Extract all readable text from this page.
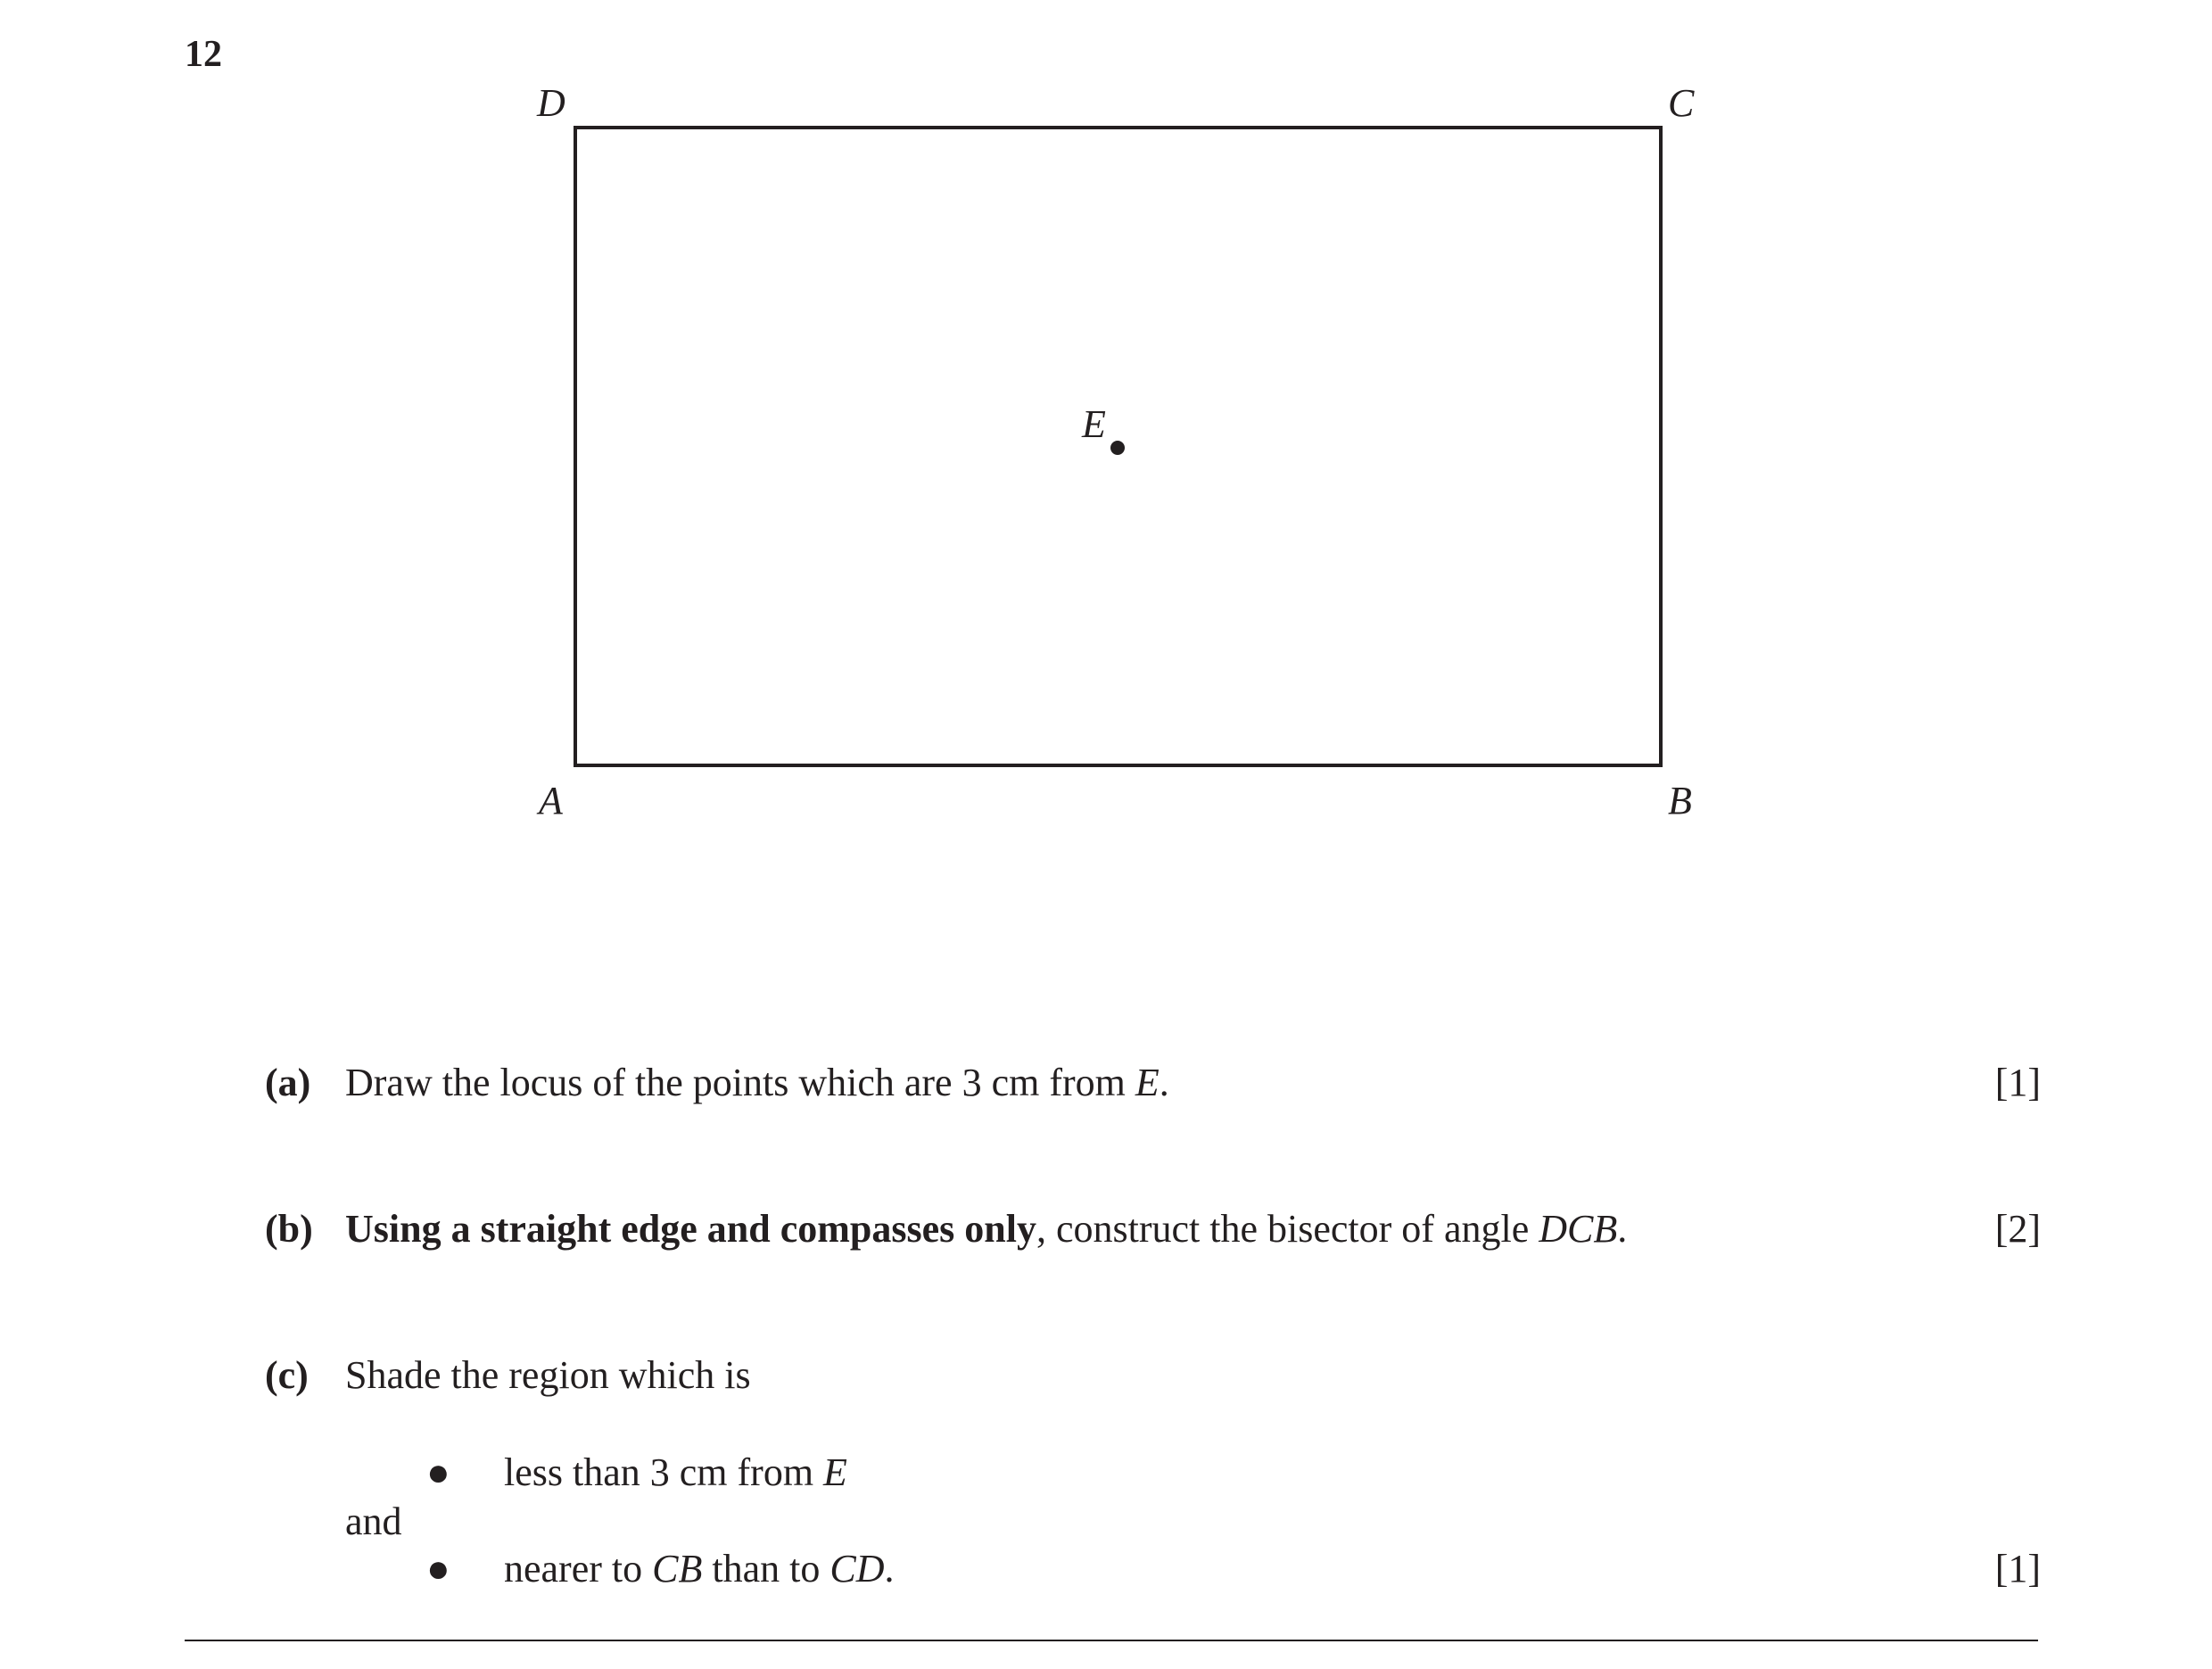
12
D	C
A	B
E
(a) Draw the locus of the points which are 3 cm from E.	[1]
(b) Using a straight edge and compasses only, construct the bisector of angle DCB.	[2]
(c) Shade the region which is
● less than 3 cm from E
and
● nearer to CB than to CD.	[1]
